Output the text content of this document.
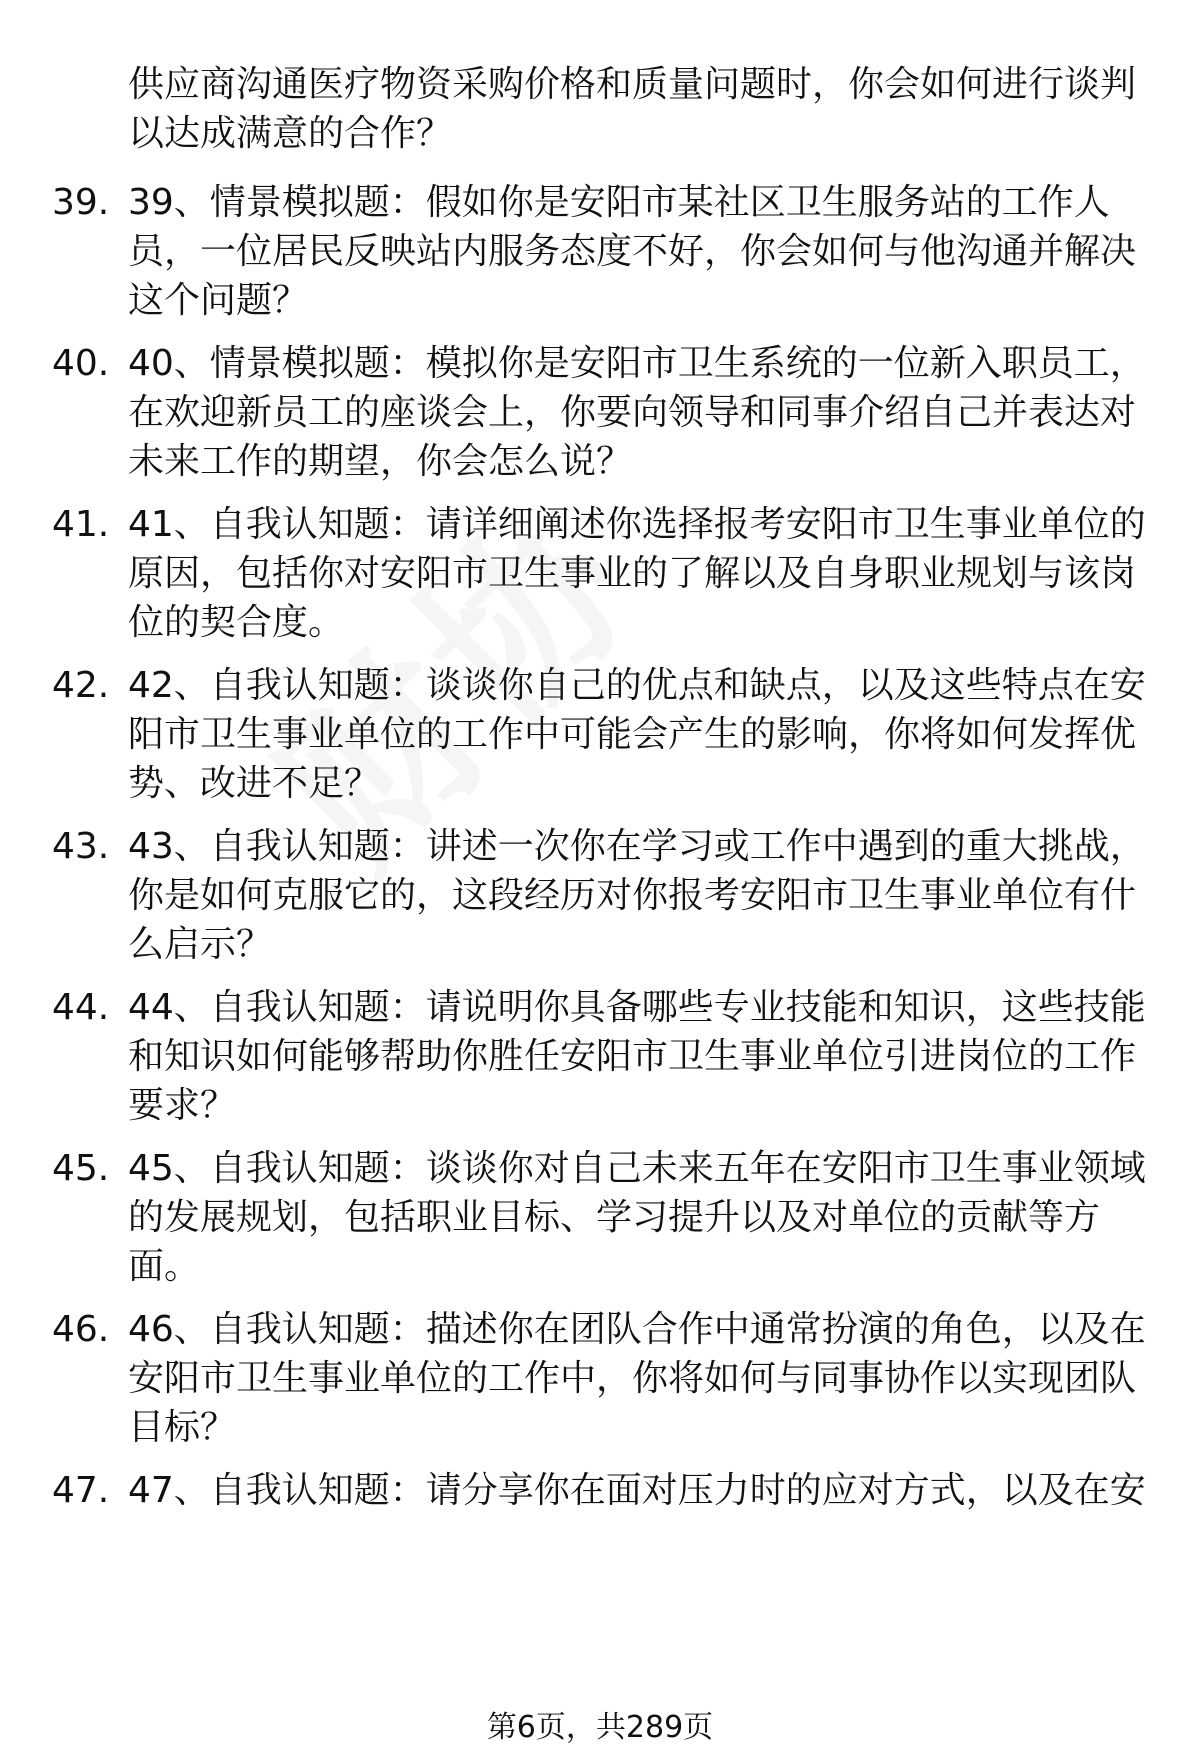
供应商沟通医疗物资采购价格和质量问题时，你会如何进行谈判以达成满意的合作？
39. 39、情景模拟题：假如你是安阳市某社区卫生服务站的工作人员，一位居民反映站内服务态度不好，你会如何与他沟通并解决这个问题？
40. 40、情景模拟题：模拟你是安阳市卫生系统的一位新入职员工，在欢迎新员工的座谈会上，你要向领导和同事介绍自己并表达对未来工作的期望，你会怎么说？
41. 41、自我认知题：请详细阐述你选择报考安阳市卫生事业单位的原因，包括你对安阳市卫生事业的了解以及自身职业规划与该岗位的契合度。
42. 42、自我认知题：谈谈你自己的优点和缺点，以及这些特点在安阳市卫生事业单位的工作中可能会产生的影响，你将如何发挥优势、改进不足？
43. 43、自我认知题：讲述一次你在学习或工作中遇到的重大挑战，你是如何克服它的，这段经历对你报考安阳市卫生事业单位有什么启示？
44. 44、自我认知题：请说明你具备哪些专业技能和知识，这些技能和知识如何能够帮助你胜任安阳市卫生事业单位引进岗位的工作要求？
45. 45、自我认知题：谈谈你对自己未来五年在安阳市卫生事业领域的发展规划，包括职业目标、学习提升以及对单位的贡献等方面。
46. 46、自我认知题：描述你在团队合作中通常扮演的角色，以及在安阳市卫生事业单位的工作中，你将如何与同事协作以实现团队目标？
47. 47、自我认知题：请分享你在面对压力时的应对方式，以及在安
第6页，共289页
